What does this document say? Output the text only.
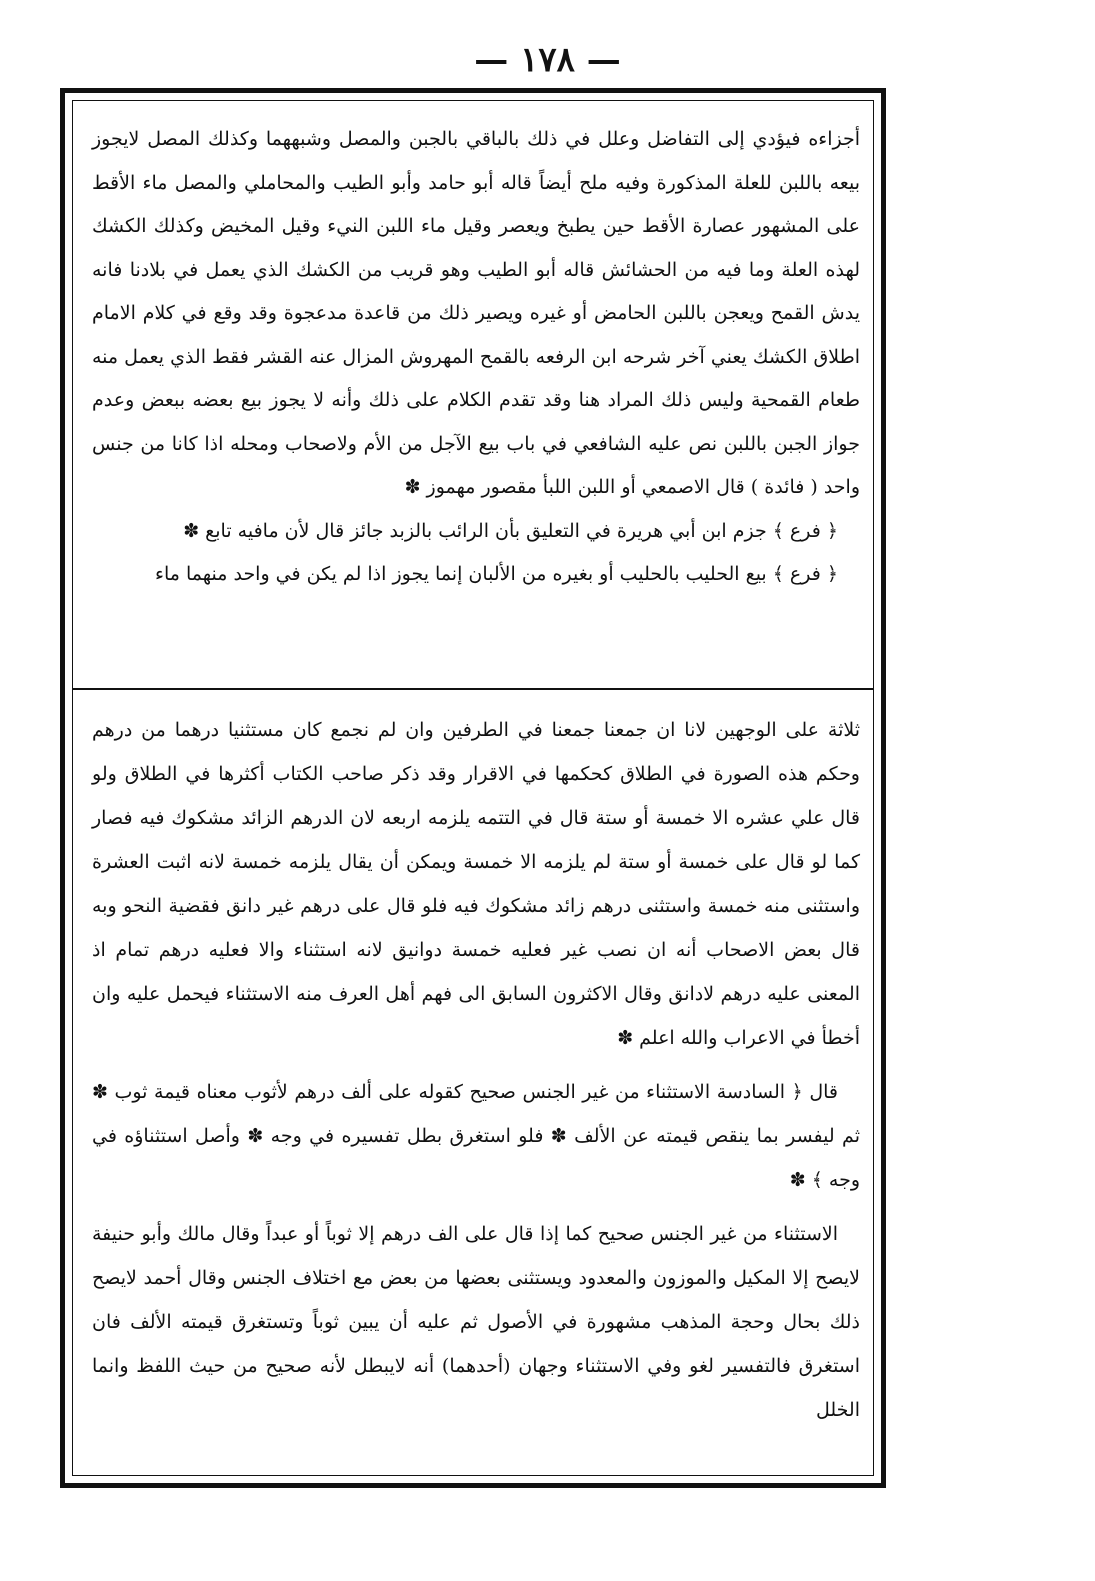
— ١٧٨ —

أجزاءه فيؤدي إلى التفاضل وعلل في ذلك بالباقي بالجبن والمصل وشبههما وكذلك المصل لايجوز بيعه باللبن للعلة المذكورة وفيه ملح أيضاً قاله أبو حامد وأبو الطيب والمحاملي والمصل ماء الأقط على المشهور عصارة الأقط حين يطبخ ويعصر وقيل ماء اللبن النيء وقيل المخيض وكذلك الكشك لهذه العلة وما فيه من الحشائش قاله أبو الطيب وهو قريب من الكشك الذي يعمل في بلادنا فانه يدش القمح ويعجن باللبن الحامض أو غيره ويصير ذلك من قاعدة مدعجوة وقد وقع في كلام الامام اطلاق الكشك يعني آخر شرحه ابن الرفعه بالقمح المهروش المزال عنه القشر فقط الذي يعمل منه طعام القمحية وليس ذلك المراد هنا وقد تقدم الكلام على ذلك وأنه لا يجوز بيع بعضه ببعض وعدم جواز الجبن باللبن نص عليه الشافعي في باب بيع الآجل من الأم ولاصحاب ومحله اذا كانا من جنس واحد ( فائدة ) قال الاصمعي أو اللبن اللبأ مقصور مهموز ✽

﴿ فرع ﴾ جزم ابن أبي هريرة في التعليق بأن الرائب بالزبد جائز قال لأن مافيه تابع ✽

﴿ فرع ﴾ بيع الحليب بالحليب أو بغيره من الألبان إنما يجوز اذا لم يكن في واحد منهما ماء

ثلاثة على الوجهين لانا ان جمعنا جمعنا في الطرفين وان لم نجمع كان مستثنيا درهما من درهم وحكم هذه الصورة في الطلاق كحكمها في الاقرار وقد ذكر صاحب الكتاب أكثرها في الطلاق ولو قال علي عشره الا خمسة أو ستة قال في التتمه يلزمه اربعه لان الدرهم الزائد مشكوك فيه فصار كما لو قال على خمسة أو ستة لم يلزمه الا خمسة ويمكن أن يقال يلزمه خمسة لانه اثبت العشرة واستثنى منه خمسة واستثنى درهم زائد مشكوك فيه فلو قال على درهم غير دانق فقضية النحو وبه قال بعض الاصحاب أنه ان نصب غير فعليه خمسة دوانيق لانه استثناء والا فعليه درهم تمام اذ المعنى عليه درهم لادانق وقال الاكثرون السابق الى فهم أهل العرف منه الاستثناء فيحمل عليه وان أخطأ في الاعراب والله اعلم ✽

قال ﴿ السادسة الاستثناء من غير الجنس صحيح كقوله على ألف درهم لأثوب معناه قيمة ثوب ✽ ثم ليفسر بما ينقص قيمته عن الألف ✽ فلو استغرق بطل تفسيره في وجه ✽ وأصل استثناؤه في وجه ﴾ ✽

الاستثناء من غير الجنس صحيح كما إذا قال على الف درهم إلا ثوباً أو عبداً وقال مالك وأبو حنيفة لايصح إلا المكيل والموزون والمعدود ويستثنى بعضها من بعض مع اختلاف الجنس وقال أحمد لايصح ذلك بحال وحجة المذهب مشهورة في الأصول ثم عليه أن يبين ثوباً وتستغرق قيمته الألف فان استغرق فالتفسير لغو وفي الاستثناء وجهان (أحدهما) أنه لايبطل لأنه صحيح من حيث اللفظ وانما الخلل
